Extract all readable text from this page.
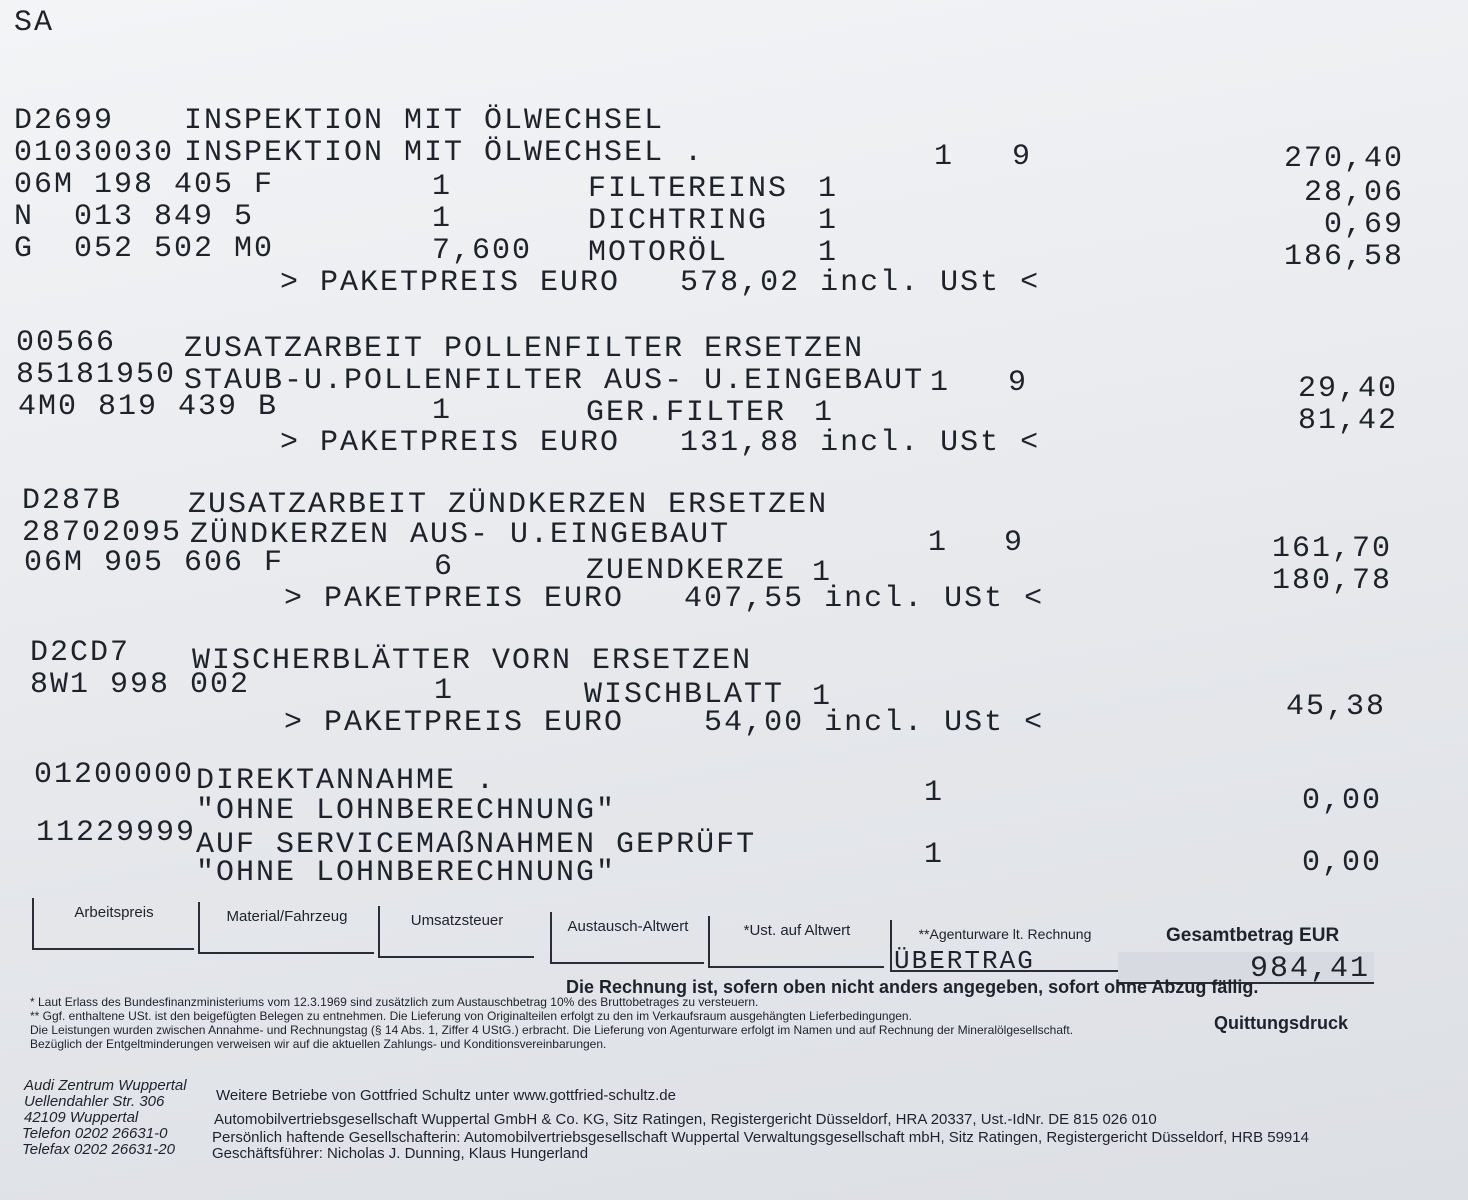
SA
D2699 INSPEKTION MIT ÖLWECHSEL
01030030 INSPEKTION MIT ÖLWECHSEL .	1 9	270,40
06M 198 405 F	1	FILTEREINS 1	28,06
N  013 849 5	1	DICHTRING 1	0,69
G  052 502 M0	7,600 MOTORÖL	1	186,58
> PAKETPREIS EURO   578,02 incl. USt <
00566 ZUSATZARBEIT POLLENFILTER ERSETZEN
85181950 STAUB-U.POLLENFILTER AUS- U.EINGEBAUT 1 9	29,40
4M0 819 439 B	1	GER.FILTER 1	81,42
> PAKETPREIS EURO   131,88 incl. USt <
D287B ZUSATZARBEIT ZÜNDKERZEN ERSETZEN
28702095 ZÜNDKERZEN AUS- U.EINGEBAUT	1 9	161,70
06M 905 606 F	6	ZUENDKERZE 1	180,78
> PAKETPREIS EURO   407,55 incl. USt <
D2CD7 WISCHERBLÄTTER VORN ERSETZEN
8W1 998 002	1	WISCHBLATT 1	45,38
> PAKETPREIS EURO    54,00 incl. USt <
01200000 DIREKTANNAHME .
"OHNE LOHNBERECHNUNG"
1	0,00
11229999 AUF SERVICEMAßNAHMEN GEPRÜFT
"OHNE LOHNBERECHNUNG"
1	0,00
Arbeitspreis	Material/Fahrzeug	Umsatzsteuer	Austausch-Altwert	*Ust. auf Altwert	**Agenturware lt. Rechnung
ÜBERTRAG
Gesamtbetrag EUR
984,41
Die Rechnung ist, sofern oben nicht anders angegeben, sofort ohne Abzug fällig.
Quittungsdruck
* Laut Erlass des Bundesfinanzministeriums vom 12.3.1969 sind zusätzlich zum Austauschbetrag 10% des Bruttobetrages zu versteuern.
** Ggf. enthaltene USt. ist den beigefügten Belegen zu entnehmen. Die Lieferung von Originalteilen erfolgt zu den im Verkaufsraum ausgehängten Lieferbedingungen.
Die Leistungen wurden zwischen Annahme- und Rechnungstag (§ 14 Abs. 1, Ziffer 4 UStG.) erbracht. Die Lieferung von Agenturware erfolgt im Namen und auf Rechnung der Mineralölgesellschaft.
Bezüglich der Entgeltminderungen verweisen wir auf die aktuellen Zahlungs- und Konditionsvereinbarungen.
Audi Zentrum Wuppertal
Uellendahler Str. 306
42109 Wuppertal
Telefon 0202 26631-0
Telefax 0202 26631-20
Weitere Betriebe von Gottfried Schultz unter www.gottfried-schultz.de
Automobilvertriebsgesellschaft Wuppertal GmbH & Co. KG, Sitz Ratingen, Registergericht Düsseldorf, HRA 20337, Ust.-IdNr. DE 815 026 010
Persönlich haftende Gesellschafterin: Automobilvertriebsgesellschaft Wuppertal Verwaltungsgesellschaft mbH, Sitz Ratingen, Registergericht Düsseldorf, HRB 59914
Geschäftsführer: Nicholas J. Dunning, Klaus Hungerland
